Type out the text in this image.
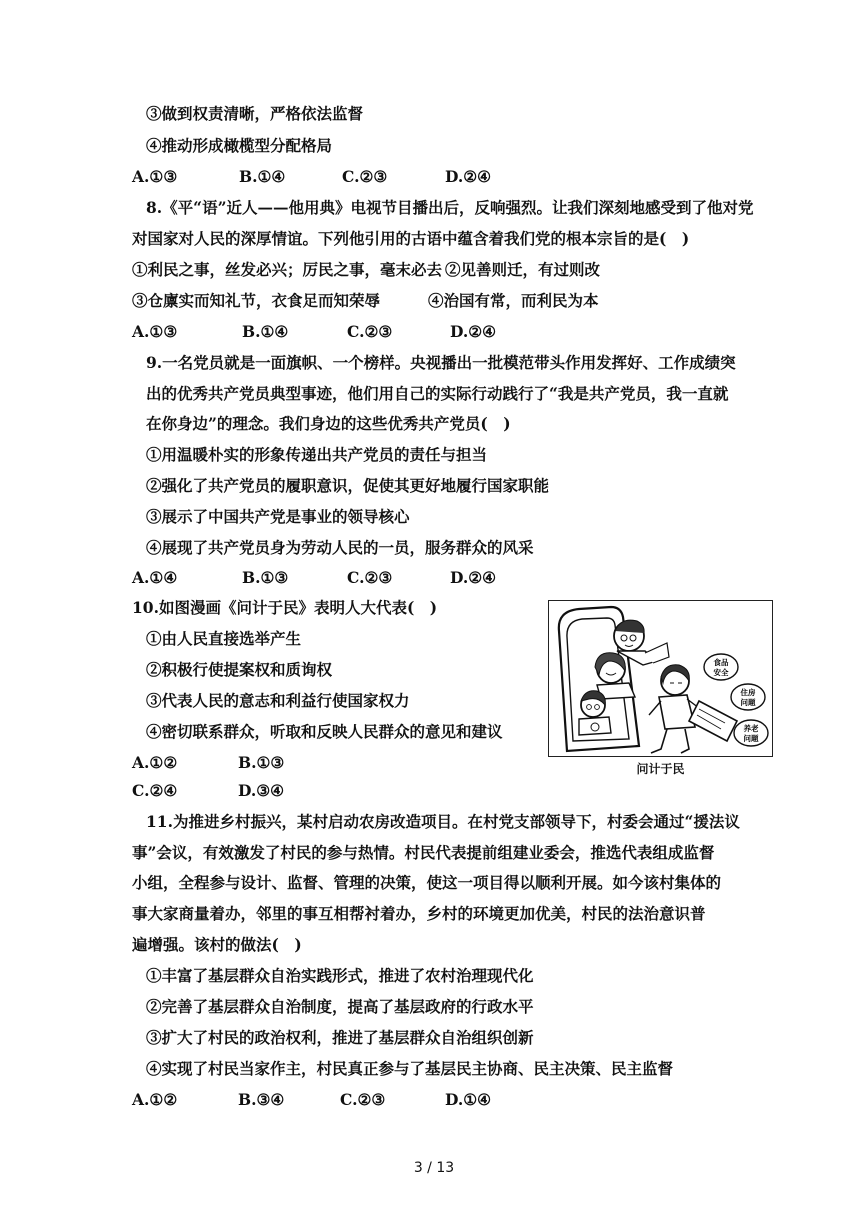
③做到权责清晰，严格依法监督
④推动形成橄榄型分配格局
A.①③	B.①④	C.②③	D.②④
8.《平“语”近人——他用典》电视节目播出后，反响强烈。让我们深刻地感受到了他对党
对国家对人民的深厚情谊。下列他引用的古语中蕴含着我们党的根本宗旨的是(　)
①利民之事，丝发必兴；厉民之事，毫末必去 ②见善则迁，有过则改
③仓廪实而知礼节，衣食足而知荣辱	④治国有常，而利民为本
A.①③	B.①④	C.②③	D.②④
9.一名党员就是一面旗帜、一个榜样。央视播出一批模范带头作用发挥好、工作成绩突
出的优秀共产党员典型事迹，他们用自己的实际行动践行了“我是共产党员，我一直就
在你身边”的理念。我们身边的这些优秀共产党员(　)
①用温暖朴实的形象传递出共产党员的责任与担当
②强化了共产党员的履职意识，促使其更好地履行国家职能
③展示了中国共产党是事业的领导核心
④展现了共产党员身为劳动人民的一员，服务群众的风采
A.①④	B.①③	C.②③	D.②④
10.如图漫画《问计于民》表明人大代表(　)
①由人民直接选举产生
②积极行使提案权和质询权
③代表人民的意志和利益行使国家权力
④密切联系群众，听取和反映人民群众的意见和建议
A.①②	B.①③
C.②④	D.③④
食品
安全
住房
问题
养老
问题
问计于民
11.为推进乡村振兴，某村启动农房改造项目。在村党支部领导下，村委会通过“援法议
事”会议，有效激发了村民的参与热情。村民代表提前组建业委会，推选代表组成监督
小组，全程参与设计、监督、管理的决策，使这一项目得以顺利开展。如今该村集体的
事大家商量着办，邻里的事互相帮衬着办，乡村的环境更加优美，村民的法治意识普
遍增强。该村的做法(　)
①丰富了基层群众自治实践形式，推进了农村治理现代化
②完善了基层群众自治制度，提高了基层政府的行政水平
③扩大了村民的政治权利，推进了基层群众自治组织创新
④实现了村民当家作主，村民真正参与了基层民主协商、民主决策、民主监督
A.①②	B.③④	C.②③	D.①④
3 / 13
